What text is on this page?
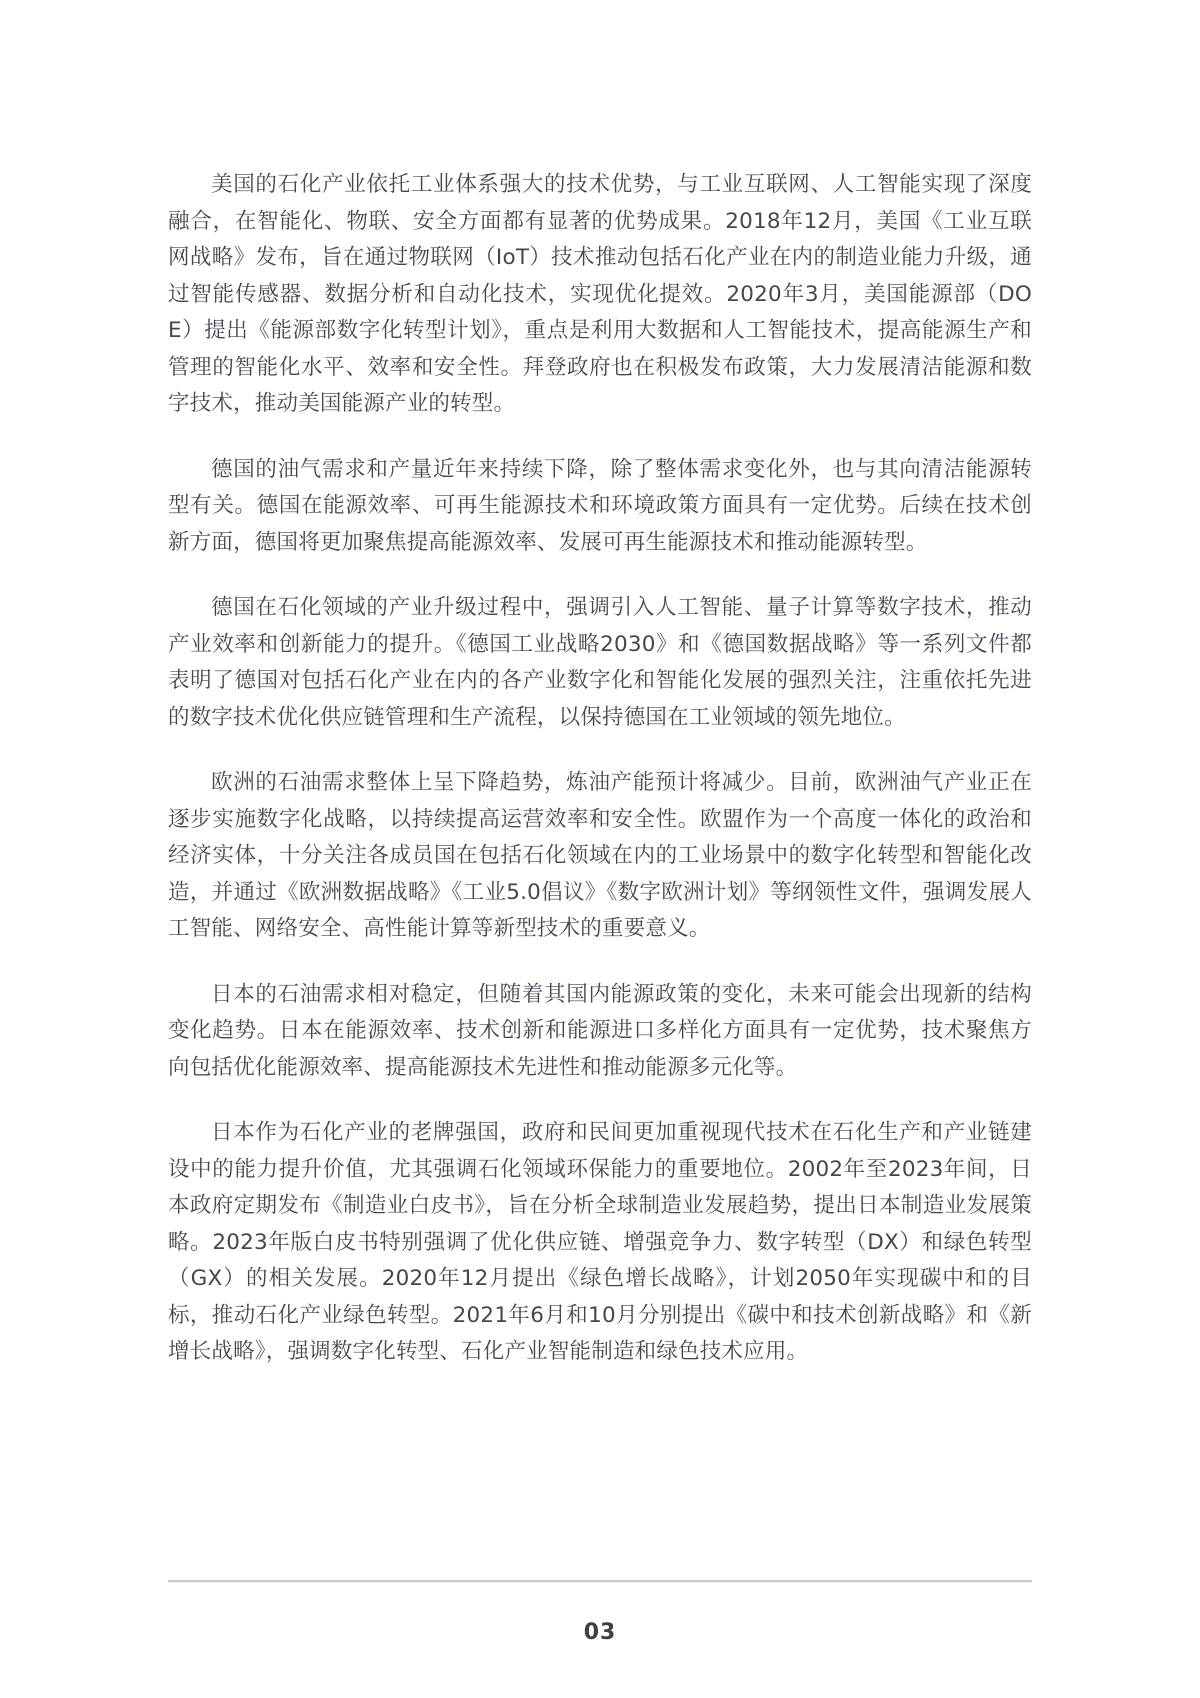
美国的石化产业依托工业体系强大的技术优势，与工业互联网、人工智能实现了深度融合，在智能化、物联、安全方面都有显著的优势成果。2018年12月，美国《工业互联网战略》发布，旨在通过物联网（IoT）技术推动包括石化产业在内的制造业能力升级，通过智能传感器、数据分析和自动化技术，实现优化提效。2020年3月，美国能源部（DOE）提出《能源部数字化转型计划》，重点是利用大数据和人工智能技术，提高能源生产和管理的智能化水平、效率和安全性。拜登政府也在积极发布政策，大力发展清洁能源和数字技术，推动美国能源产业的转型。

德国的油气需求和产量近年来持续下降，除了整体需求变化外，也与其向清洁能源转型有关。德国在能源效率、可再生能源技术和环境政策方面具有一定优势。后续在技术创新方面，德国将更加聚焦提高能源效率、发展可再生能源技术和推动能源转型。

德国在石化领域的产业升级过程中，强调引入人工智能、量子计算等数字技术，推动产业效率和创新能力的提升。《德国工业战略2030》和《德国数据战略》等一系列文件都表明了德国对包括石化产业在内的各产业数字化和智能化发展的强烈关注，注重依托先进的数字技术优化供应链管理和生产流程，以保持德国在工业领域的领先地位。

欧洲的石油需求整体上呈下降趋势，炼油产能预计将减少。目前，欧洲油气产业正在逐步实施数字化战略，以持续提高运营效率和安全性。欧盟作为一个高度一体化的政治和经济实体，十分关注各成员国在包括石化领域在内的工业场景中的数字化转型和智能化改造，并通过《欧洲数据战略》《工业5.0倡议》《数字欧洲计划》等纲领性文件，强调发展人工智能、网络安全、高性能计算等新型技术的重要意义。

日本的石油需求相对稳定，但随着其国内能源政策的变化，未来可能会出现新的结构变化趋势。日本在能源效率、技术创新和能源进口多样化方面具有一定优势，技术聚焦方向包括优化能源效率、提高能源技术先进性和推动能源多元化等。

日本作为石化产业的老牌强国，政府和民间更加重视现代技术在石化生产和产业链建设中的能力提升价值，尤其强调石化领域环保能力的重要地位。2002年至2023年间，日本政府定期发布《制造业白皮书》，旨在分析全球制造业发展趋势，提出日本制造业发展策略。2023年版白皮书特别强调了优化供应链、增强竞争力、数字转型（DX）和绿色转型（GX）的相关发展。2020年12月提出《绿色增长战略》，计划2050年实现碳中和的目标，推动石化产业绿色转型。2021年6月和10月分别提出《碳中和技术创新战略》和《新增长战略》，强调数字化转型、石化产业智能制造和绿色技术应用。

03
